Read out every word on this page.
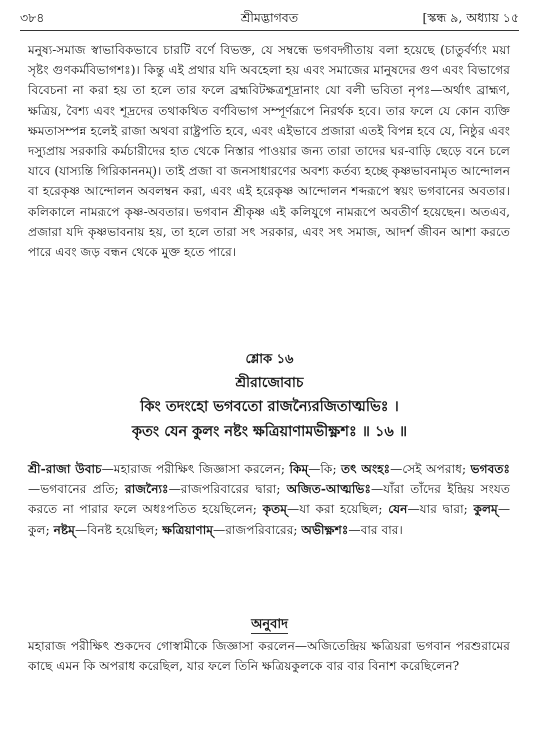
৩৮৪	শ্রীমদ্ভাগবত	[স্কন্ধ ৯, অধ্যায় ১৫

মনুষ্য-সমাজ স্বাভাবিকভাবে চারটি বর্ণে বিভক্ত, যে সম্বন্ধে ভগবদ্গীতায় বলা হয়েছে (চাতুর্বর্ণ্যং ময়া সৃষ্টং গুণকর্মবিভাগশঃ)। কিন্তু এই প্রথার যদি অবহেলা হয় এবং সমাজের মানুষদের গুণ এবং বিভাগের বিবেচনা না করা হয় তা হলে তার ফলে ব্রহ্মবিটক্ষত্রশূদ্রানাং যো বলী ভবিতা নৃপঃ—অর্থাৎ ব্রাহ্মণ, ক্ষত্রিয়, বৈশ্য এবং শূদ্রদের তথাকথিত বর্ণবিভাগ সম্পূর্ণরূপে নিরর্থক হবে। তার ফলে যে কোন ব্যক্তি ক্ষমতাসম্পন্ন হলেই রাজা অথবা রাষ্ট্রপতি হবে, এবং এইভাবে প্রজারা এতই বিপন্ন হবে যে, নিষ্ঠুর এবং দস্যুপ্রায় সরকারি কর্মচারীদের হাত থেকে নিস্তার পাওয়ার জন্য তারা তাদের ঘর-বাড়ি ছেড়ে বনে চলে যাবে (যাস্যন্তি গিরিকাননম্)। তাই প্রজা বা জনসাধারণের অবশ্য কর্তব্য হচ্ছে কৃষ্ণভাবনামৃত আন্দোলন বা হরেকৃষ্ণ আন্দোলন অবলম্বন করা, এবং এই হরেকৃষ্ণ আন্দোলন শব্দরূপে স্বয়ং ভগবানের অবতার। কলিকালে নামরূপে কৃষ্ণ-অবতার। ভগবান শ্রীকৃষ্ণ এই কলিযুগে নামরূপে অবতীর্ণ হয়েছেন। অতএব, প্রজারা যদি কৃষ্ণভাবনায় হয়, তা হলে তারা সৎ সরকার, এবং সৎ সমাজ, আদর্শ জীবন আশা করতে পারে এবং জড় বন্ধন থেকে মুক্ত হতে পারে।

শ্লোক ১৬
শ্রীরাজোবাচ
কিং তদংহো ভগবতো রাজন্যৈরজিতাত্মভিঃ ।
কৃতং যেন কুলং নষ্টং ক্ষত্রিয়াণামভীক্ষ্ণশঃ ॥ ১৬ ॥

শ্রী-রাজা উবাচ—মহারাজ পরীক্ষিৎ জিজ্ঞাসা করলেন; কিম্—কি; তৎ অংহঃ—সেই অপরাধ; ভগবতঃ—ভগবানের প্রতি; রাজন্যৈঃ—রাজপরিবারের দ্বারা; অজিত-আত্মভিঃ—যাঁরা তাঁদের ইন্দ্রিয় সংযত করতে না পারার ফলে অধঃপতিত হয়েছিলেন; কৃতম্—যা করা হয়েছিল; যেন—যার দ্বারা; কুলম্—কুল; নষ্টম্—বিনষ্ট হয়েছিল; ক্ষত্রিয়াণাম্—রাজপরিবারের; অভীক্ষ্ণশঃ—বার বার।

অনুবাদ

মহারাজ পরীক্ষিৎ শুকদেব গোস্বামীকে জিজ্ঞাসা করলেন—অজিতেন্দ্রিয় ক্ষত্রিয়রা ভগবান পরশুরামের কাছে এমন কি অপরাধ করেছিল, যার ফলে তিনি ক্ষত্রিয়কুলকে বার বার বিনাশ করেছিলেন?
